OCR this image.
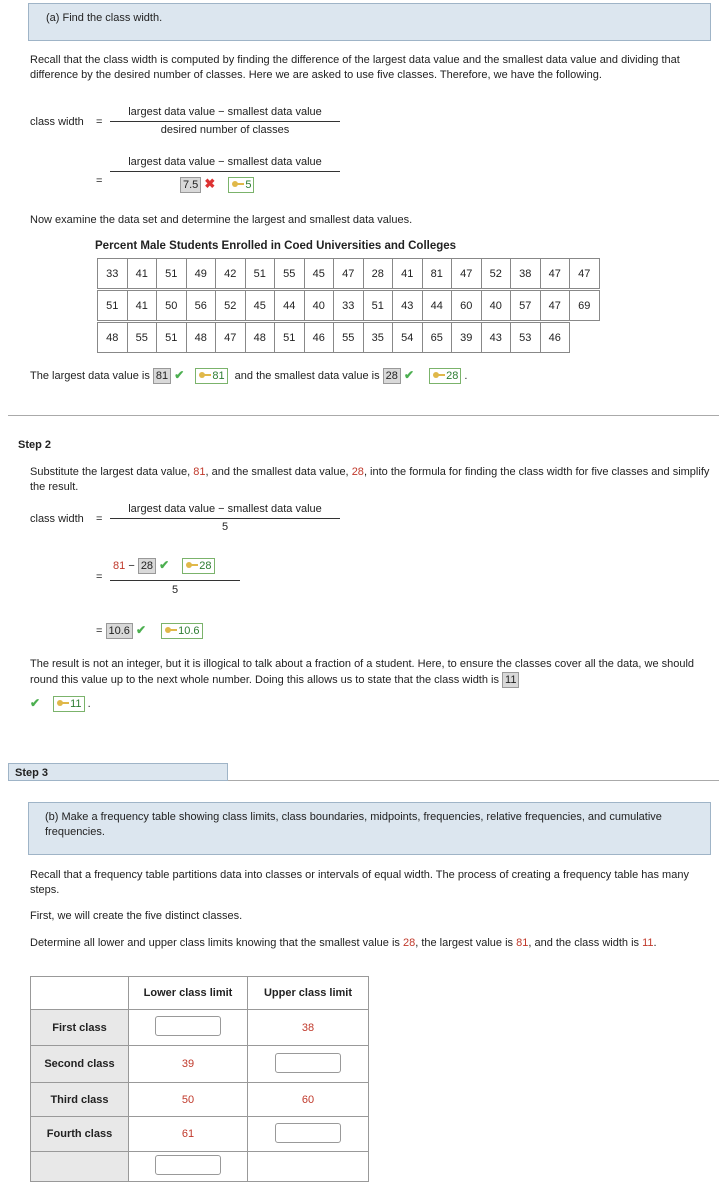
(a) Find the class width.
Recall that the class width is computed by finding the difference of the largest data value and the smallest data value and dividing that difference by the desired number of classes. Here we are asked to use five classes. Therefore, we have the following.
class width =
largest data value − smallest data value
desired number of classes
=
largest data value − smallest data value
7.5 ✖	5
Now examine the data set and determine the largest and smallest data values.
Percent Male Students Enrolled in Coed Universities and Colleges
33	41	51	49	42	51	55	45	47	28	41	81	47	52	38	47	47
51	41	50	56	52	45	44	40	33	51	43	44	60	40	57	47	69
48	55	51	48	47	48	51	46	55	35	54	65	39	43	53	46
The largest data value is 81 ✔	81 and the smallest data value is 28 ✔	28 .
Step 2
Substitute the largest data value, 81, and the smallest data value, 28, into the formula for finding the class width for five classes and simplify the result.
class width =
largest data value − smallest data value
5
=
81 − 28 ✔	28
5
= 10.6 ✔	10.6
The result is not an integer, but it is illogical to talk about a fraction of a student. Here, to ensure the classes cover all the data, we should round this value up to the next whole number. Doing this allows us to state that the class width is 11
✔	11 .
Step 3
(b) Make a frequency table showing class limits, class boundaries, midpoints, frequencies, relative frequencies, and cumulative frequencies.
Recall that a frequency table partitions data into classes or intervals of equal width. The process of creating a frequency table has many steps.
First, we will create the five distinct classes.
Determine all lower and upper class limits knowing that the smallest value is 28, the largest value is 81, and the class width is 11.
	Lower class limit	Upper class limit
First class		38
Second class	39	
Third class	50	60
Fourth class	61	
